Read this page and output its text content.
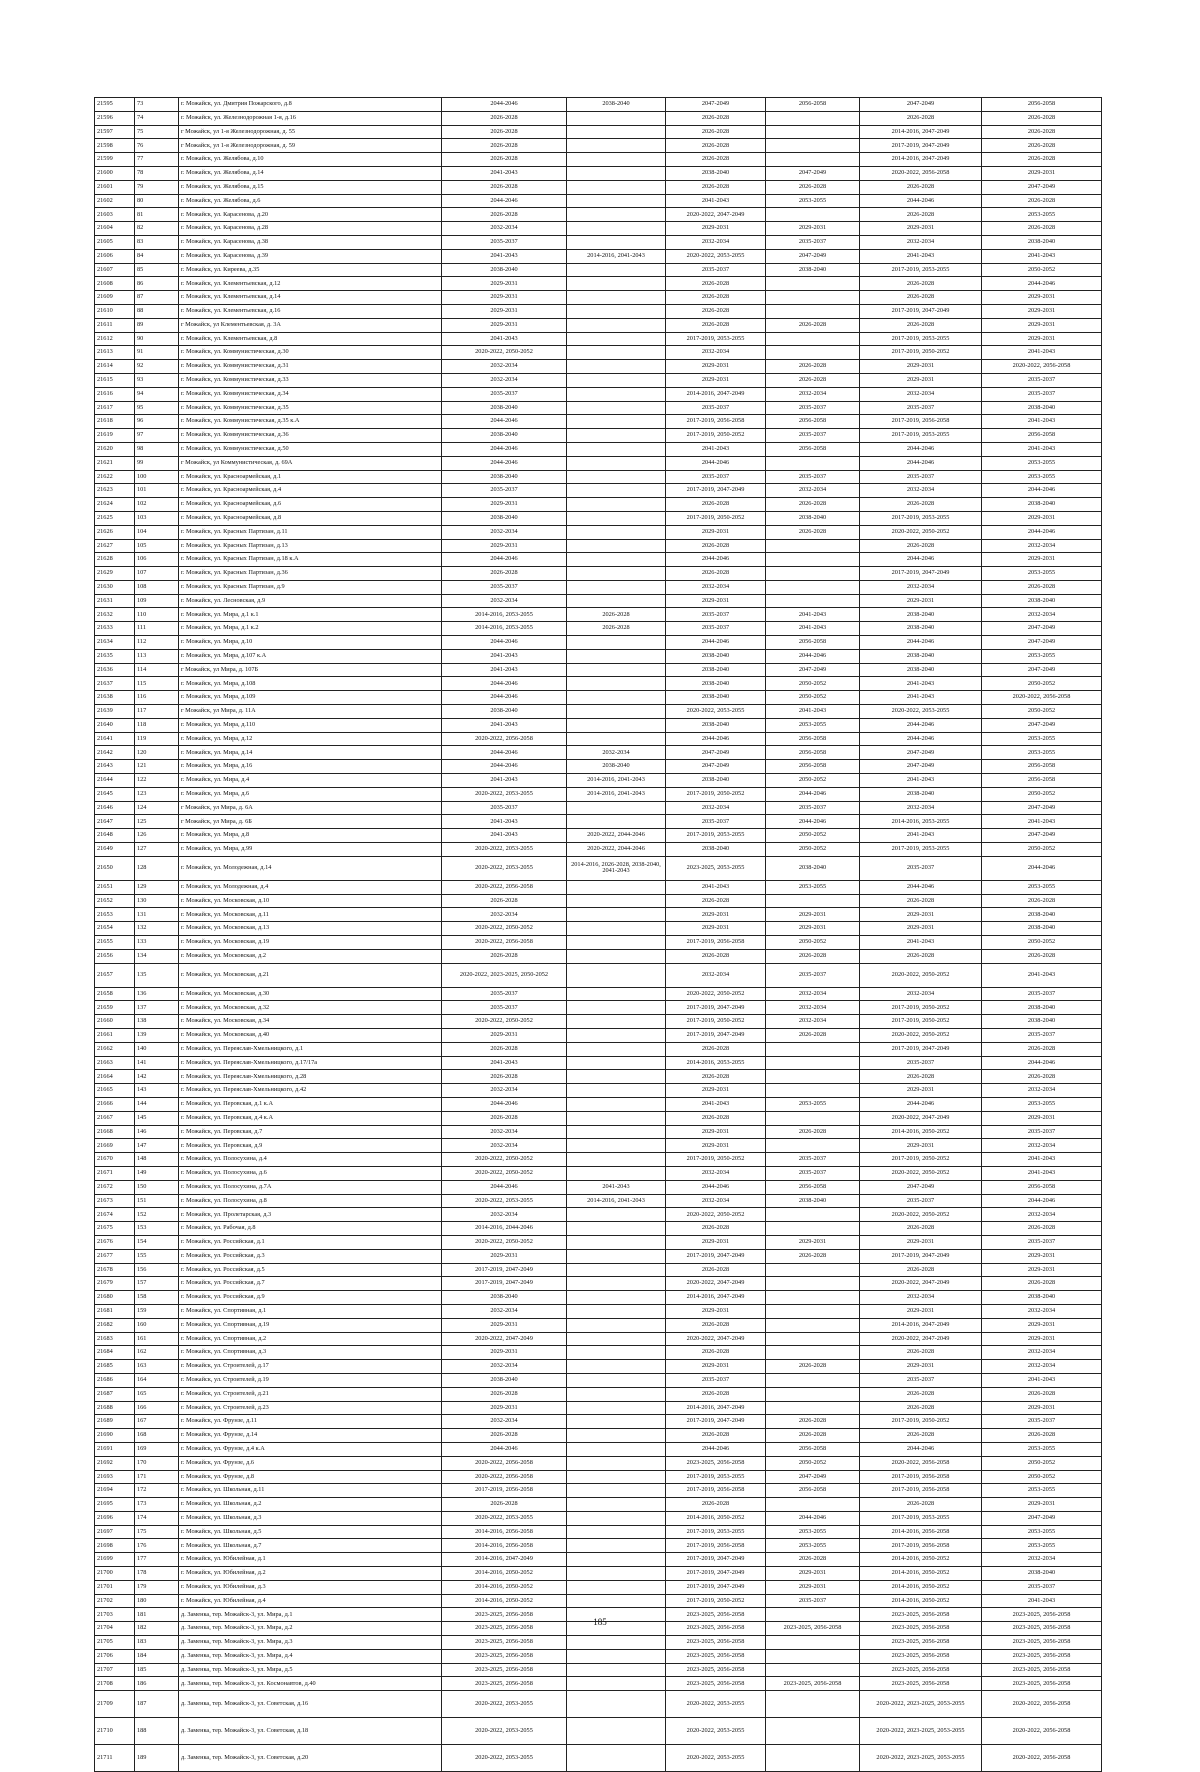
21595	73	г. Можайск, ул. Дмитрия Пожарского, д.8	2044-2046	2038-2040	2047-2049	2056-2058	2047-2049	2056-2058
21596	74	г. Можайск, ул. Железнодорожная 1-я, д.16	2026-2028		2026-2028		2026-2028	2026-2028
21597	75	г Можайск, ул 1-я Железнодорожная, д. 55	2026-2028		2026-2028		2014-2016, 2047-2049	2026-2028
21598	76	г Можайск, ул 1-я Железнодорожная, д. 59	2026-2028		2026-2028		2017-2019, 2047-2049	2026-2028
21599	77	г. Можайск, ул. Желябова, д.10	2026-2028		2026-2028		2014-2016, 2047-2049	2026-2028
21600	78	г. Можайск, ул. Желябова, д.14	2041-2043		2038-2040	2047-2049	2020-2022, 2056-2058	2029-2031
21601	79	г. Можайск, ул. Желябова, д.15	2026-2028		2026-2028	2026-2028	2026-2028	2047-2049
21602	80	г. Можайск, ул. Желябова, д.6	2044-2046		2041-2043	2053-2055	2044-2046	2026-2028
21603	81	г. Можайск, ул. Карасенова, д.20	2026-2028		2020-2022, 2047-2049		2026-2028	2053-2055
21604	82	г. Можайск, ул. Карасенова, д.28	2032-2034		2029-2031	2029-2031	2029-2031	2026-2028
21605	83	г. Можайск, ул. Карасенова, д.38	2035-2037		2032-2034	2035-2037	2032-2034	2038-2040
21606	84	г. Можайск, ул. Карасенова, д.39	2041-2043	2014-2016, 2041-2043	2020-2022, 2053-2055	2047-2049	2041-2043	2041-2043
21607	85	г. Можайск, ул. Киреева, д.35	2038-2040		2035-2037	2038-2040	2017-2019, 2053-2055	2050-2052
21608	86	г. Можайск, ул. Клементьевская, д.12	2029-2031		2026-2028		2026-2028	2044-2046
21609	87	г. Можайск, ул. Клементьевская, д.14	2029-2031		2026-2028		2026-2028	2029-2031
21610	88	г. Можайск, ул. Клементьевская, д.16	2029-2031		2026-2028		2017-2019, 2047-2049	2029-2031
21611	89	г Можайск, ул Клементьевская, д. 3А	2029-2031		2026-2028	2026-2028	2026-2028	2029-2031
21612	90	г. Можайск, ул. Клементьевская, д.8	2041-2043		2017-2019, 2053-2055		2017-2019, 2053-2055	2029-2031
21613	91	г. Можайск, ул. Коммунистическая, д.30	2020-2022, 2050-2052		2032-2034		2017-2019, 2050-2052	2041-2043
21614	92	г. Можайск, ул. Коммунистическая, д.31	2032-2034		2029-2031	2026-2028	2029-2031	2020-2022, 2056-2058
21615	93	г. Можайск, ул. Коммунистическая, д.33	2032-2034		2029-2031	2026-2028	2029-2031	2035-2037
21616	94	г. Можайск, ул. Коммунистическая, д.34	2035-2037		2014-2016, 2047-2049	2032-2034	2032-2034	2035-2037
21617	95	г. Можайск, ул. Коммунистическая, д.35	2038-2040		2035-2037	2035-2037	2035-2037	2038-2040
21618	96	г. Можайск, ул. Коммунистическая, д.35 к.А	2044-2046		2017-2019, 2056-2058	2056-2058	2017-2019, 2056-2058	2041-2043
21619	97	г. Можайск, ул. Коммунистическая, д.36	2038-2040		2017-2019, 2050-2052	2035-2037	2017-2019, 2053-2055	2056-2058
21620	98	г. Можайск, ул. Коммунистическая, д.50	2044-2046		2041-2043	2056-2058	2044-2046	2041-2043
21621	99	г Можайск, ул Коммунистическая, д. 69А	2044-2046		2044-2046		2044-2046	2053-2055
21622	100	г. Можайск, ул. Красноармейская, д.1	2038-2040		2035-2037	2035-2037	2035-2037	2053-2055
21623	101	г. Можайск, ул. Красноармейская, д.4	2035-2037		2017-2019, 2047-2049	2032-2034	2032-2034	2044-2046
21624	102	г. Можайск, ул. Красноармейская, д.6	2029-2031		2026-2028	2026-2028	2026-2028	2038-2040
21625	103	г. Можайск, ул. Красноармейская, д.8	2038-2040		2017-2019, 2050-2052	2038-2040	2017-2019, 2053-2055	2029-2031
21626	104	г. Можайск, ул. Красных Партизан, д.11	2032-2034		2029-2031	2026-2028	2020-2022, 2050-2052	2044-2046
21627	105	г. Можайск, ул. Красных Партизан, д.13	2029-2031		2026-2028		2026-2028	2032-2034
21628	106	г. Можайск, ул. Красных Партизан, д.18 к.А	2044-2046		2044-2046		2044-2046	2029-2031
21629	107	г. Можайск, ул. Красных Партизан, д.36	2026-2028		2026-2028		2017-2019, 2047-2049	2053-2055
21630	108	г. Можайск, ул. Красных Партизан, д.9	2035-2037		2032-2034		2032-2034	2026-2028
21631	109	г. Можайск, ул. Лесновская, д.9	2032-2034		2029-2031		2029-2031	2038-2040
21632	110	г. Можайск, ул. Мира, д.1 к.1	2014-2016, 2053-2055	2026-2028	2035-2037	2041-2043	2038-2040	2032-2034
21633	111	г. Можайск, ул. Мира, д.1 к.2	2014-2016, 2053-2055	2026-2028	2035-2037	2041-2043	2038-2040	2047-2049
21634	112	г. Можайск, ул. Мира, д.10	2044-2046		2044-2046	2056-2058	2044-2046	2047-2049
21635	113	г. Можайск, ул. Мира, д.107 к.А	2041-2043		2038-2040	2044-2046	2038-2040	2053-2055
21636	114	г Можайск, ул Мира, д. 107Б	2041-2043		2038-2040	2047-2049	2038-2040	2047-2049
21637	115	г. Можайск, ул. Мира, д.108	2044-2046		2038-2040	2050-2052	2041-2043	2050-2052
21638	116	г. Можайск, ул. Мира, д.109	2044-2046		2038-2040	2050-2052	2041-2043	2020-2022, 2056-2058
21639	117	г Можайск, ул Мира, д. 11А	2038-2040		2020-2022, 2053-2055	2041-2043	2020-2022, 2053-2055	2050-2052
21640	118	г. Можайск, ул. Мира, д.110	2041-2043		2038-2040	2053-2055	2044-2046	2047-2049
21641	119	г. Можайск, ул. Мира, д.12	2020-2022, 2056-2058		2044-2046	2056-2058	2044-2046	2053-2055
21642	120	г. Можайск, ул. Мира, д.14	2044-2046	2032-2034	2047-2049	2056-2058	2047-2049	2053-2055
21643	121	г. Можайск, ул. Мира, д.16	2044-2046	2038-2040	2047-2049	2056-2058	2047-2049	2056-2058
21644	122	г. Можайск, ул. Мира, д.4	2041-2043	2014-2016, 2041-2043	2038-2040	2050-2052	2041-2043	2056-2058
21645	123	г. Можайск, ул. Мира, д.6	2020-2022, 2053-2055	2014-2016, 2041-2043	2017-2019, 2050-2052	2044-2046	2038-2040	2050-2052
21646	124	г Можайск, ул Мира, д. 6А	2035-2037		2032-2034	2035-2037	2032-2034	2047-2049
21647	125	г Можайск, ул Мира, д. 6Б	2041-2043		2035-2037	2044-2046	2014-2016, 2053-2055	2041-2043
21648	126	г. Можайск, ул. Мира, д.8	2041-2043	2020-2022, 2044-2046	2017-2019, 2053-2055	2050-2052	2041-2043	2047-2049
21649	127	г. Можайск, ул. Мира, д.99	2020-2022, 2053-2055	2020-2022, 2044-2046	2038-2040	2050-2052	2017-2019, 2053-2055	2050-2052
21650	128	г. Можайск, ул. Молодежная, д.14	2020-2022, 2053-2055	2014-2016, 2026-2028, 2038-2040, 2041-2043	2023-2025, 2053-2055	2038-2040	2035-2037	2044-2046
21651	129	г. Можайск, ул. Молодежная, д.4	2020-2022, 2056-2058		2041-2043	2053-2055	2044-2046	2053-2055
21652	130	г. Можайск, ул. Московская, д.10	2026-2028		2026-2028		2026-2028	2026-2028
21653	131	г. Можайск, ул. Московская, д.11	2032-2034		2029-2031	2029-2031	2029-2031	2038-2040
21654	132	г. Можайск, ул. Московская, д.13	2020-2022, 2050-2052		2029-2031	2029-2031	2029-2031	2038-2040
21655	133	г. Можайск, ул. Московская, д.19	2020-2022, 2056-2058		2017-2019, 2056-2058	2050-2052	2041-2043	2050-2052
21656	134	г. Можайск, ул. Московская, д.2	2026-2028		2026-2028	2026-2028	2026-2028	2026-2028
21657	135	г. Можайск, ул. Московская, д.21	2020-2022, 2023-2025, 2050-2052		2032-2034	2035-2037	2020-2022, 2050-2052	2041-2043
21658	136	г. Можайск, ул. Московская, д.30	2035-2037		2020-2022, 2050-2052	2032-2034	2032-2034	2035-2037
21659	137	г. Можайск, ул. Московская, д.32	2035-2037		2017-2019, 2047-2049	2032-2034	2017-2019, 2050-2052	2038-2040
21660	138	г. Можайск, ул. Московская, д.34	2020-2022, 2050-2052		2017-2019, 2050-2052	2032-2034	2017-2019, 2050-2052	2038-2040
21661	139	г. Можайск, ул. Московская, д.40	2029-2031		2017-2019, 2047-2049	2026-2028	2020-2022, 2050-2052	2035-2037
21662	140	г. Можайск, ул. Переяслав-Хмельницкого, д.1	2026-2028		2026-2028		2017-2019, 2047-2049	2026-2028
21663	141	г. Можайск, ул. Переяслав-Хмельницкого, д.17/17а	2041-2043		2014-2016, 2053-2055		2035-2037	2044-2046
21664	142	г. Можайск, ул. Переяслав-Хмельницкого, д.28	2026-2028		2026-2028		2026-2028	2026-2028
21665	143	г. Можайск, ул. Переяслав-Хмельницкого, д.42	2032-2034		2029-2031		2029-2031	2032-2034
21666	144	г. Можайск, ул. Перовская, д.1 к.А	2044-2046		2041-2043	2053-2055	2044-2046	2053-2055
21667	145	г. Можайск, ул. Перовская, д.4 к.А	2026-2028		2026-2028		2020-2022, 2047-2049	2029-2031
21668	146	г. Можайск, ул. Перовская, д.7	2032-2034		2029-2031	2026-2028	2014-2016, 2050-2052	2035-2037
21669	147	г. Можайск, ул. Перовская, д.9	2032-2034		2029-2031		2029-2031	2032-2034
21670	148	г. Можайск, ул. Полосухина, д.4	2020-2022, 2050-2052		2017-2019, 2050-2052	2035-2037	2017-2019, 2050-2052	2041-2043
21671	149	г. Можайск, ул. Полосухина, д.6	2020-2022, 2050-2052		2032-2034	2035-2037	2020-2022, 2050-2052	2041-2043
21672	150	г. Можайск, ул. Полосухина, д.7А	2044-2046	2041-2043	2044-2046	2056-2058	2047-2049	2056-2058
21673	151	г. Можайск, ул. Полосухина, д.8	2020-2022, 2053-2055	2014-2016, 2041-2043	2032-2034	2038-2040	2035-2037	2044-2046
21674	152	г. Можайск, ул. Пролетарская, д.3	2032-2034		2020-2022, 2050-2052		2020-2022, 2050-2052	2032-2034
21675	153	г. Можайск, ул. Рабочая, д.8	2014-2016, 2044-2046		2026-2028		2026-2028	2026-2028
21676	154	г. Можайск, ул. Российская, д.1	2020-2022, 2050-2052		2029-2031	2029-2031	2029-2031	2035-2037
21677	155	г. Можайск, ул. Российская, д.3	2029-2031		2017-2019, 2047-2049	2026-2028	2017-2019, 2047-2049	2029-2031
21678	156	г. Можайск, ул. Российская, д.5	2017-2019, 2047-2049		2026-2028		2026-2028	2029-2031
21679	157	г. Можайск, ул. Российская, д.7	2017-2019, 2047-2049		2020-2022, 2047-2049		2020-2022, 2047-2049	2026-2028
21680	158	г. Можайск, ул. Российская, д.9	2038-2040		2014-2016, 2047-2049		2032-2034	2038-2040
21681	159	г. Можайск, ул. Спортивная, д.1	2032-2034		2029-2031		2029-2031	2032-2034
21682	160	г. Можайск, ул. Спортивная, д.19	2029-2031		2026-2028		2014-2016, 2047-2049	2029-2031
21683	161	г. Можайск, ул. Спортивная, д.2	2020-2022, 2047-2049		2020-2022, 2047-2049		2020-2022, 2047-2049	2029-2031
21684	162	г. Можайск, ул. Спортивная, д.3	2029-2031		2026-2028		2026-2028	2032-2034
21685	163	г. Можайск, ул. Строителей, д.17	2032-2034		2029-2031	2026-2028	2029-2031	2032-2034
21686	164	г. Можайск, ул. Строителей, д.19	2038-2040		2035-2037		2035-2037	2041-2043
21687	165	г. Можайск, ул. Строителей, д.21	2026-2028		2026-2028		2026-2028	2026-2028
21688	166	г. Можайск, ул. Строителей, д.23	2029-2031		2014-2016, 2047-2049		2026-2028	2029-2031
21689	167	г. Можайск, ул. Фрунзе, д.11	2032-2034		2017-2019, 2047-2049	2026-2028	2017-2019, 2050-2052	2035-2037
21690	168	г. Можайск, ул. Фрунзе, д.14	2026-2028		2026-2028	2026-2028	2026-2028	2026-2028
21691	169	г. Можайск, ул. Фрунзе, д.4 к.А	2044-2046		2044-2046	2056-2058	2044-2046	2053-2055
21692	170	г. Можайск, ул. Фрунзе, д.6	2020-2022, 2056-2058		2023-2025, 2056-2058	2050-2052	2020-2022, 2056-2058	2050-2052
21693	171	г. Можайск, ул. Фрунзе, д.8	2020-2022, 2056-2058		2017-2019, 2053-2055	2047-2049	2017-2019, 2056-2058	2050-2052
21694	172	г. Можайск, ул. Школьная, д.11	2017-2019, 2056-2058		2017-2019, 2056-2058	2056-2058	2017-2019, 2056-2058	2053-2055
21695	173	г. Можайск, ул. Школьная, д.2	2026-2028		2026-2028		2026-2028	2029-2031
21696	174	г. Можайск, ул. Школьная, д.3	2020-2022, 2053-2055		2014-2016, 2050-2052	2044-2046	2017-2019, 2053-2055	2047-2049
21697	175	г. Можайск, ул. Школьная, д.5	2014-2016, 2056-2058		2017-2019, 2053-2055	2053-2055	2014-2016, 2056-2058	2053-2055
21698	176	г. Можайск, ул. Школьная, д.7	2014-2016, 2056-2058		2017-2019, 2056-2058	2053-2055	2017-2019, 2056-2058	2053-2055
21699	177	г. Можайск, ул. Юбилейная, д.1	2014-2016, 2047-2049		2017-2019, 2047-2049	2026-2028	2014-2016, 2050-2052	2032-2034
21700	178	г. Можайск, ул. Юбилейная, д.2	2014-2016, 2050-2052		2017-2019, 2047-2049	2029-2031	2014-2016, 2050-2052	2038-2040
21701	179	г. Можайск, ул. Юбилейная, д.3	2014-2016, 2050-2052		2017-2019, 2047-2049	2029-2031	2014-2016, 2050-2052	2035-2037
21702	180	г. Можайск, ул. Юбилейная, д.4	2014-2016, 2050-2052		2017-2019, 2050-2052	2035-2037	2014-2016, 2050-2052	2041-2043
21703	181	д. Заменка, тер. Можайск-3, ул. Мира, д.1	2023-2025, 2056-2058		2023-2025, 2056-2058		2023-2025, 2056-2058	2023-2025, 2056-2058
21704	182	д. Заменка, тер. Можайск-3, ул. Мира, д.2	2023-2025, 2056-2058		2023-2025, 2056-2058	2023-2025, 2056-2058	2023-2025, 2056-2058	2023-2025, 2056-2058
21705	183	д. Заменка, тер. Можайск-3, ул. Мира, д.3	2023-2025, 2056-2058		2023-2025, 2056-2058		2023-2025, 2056-2058	2023-2025, 2056-2058
21706	184	д. Заменка, тер. Можайск-3, ул. Мира, д.4	2023-2025, 2056-2058		2023-2025, 2056-2058		2023-2025, 2056-2058	2023-2025, 2056-2058
21707	185	д. Заменка, тер. Можайск-3, ул. Мира, д.5	2023-2025, 2056-2058		2023-2025, 2056-2058		2023-2025, 2056-2058	2023-2025, 2056-2058
21708	186	д. Заменка, тер. Можайск-3, ул. Космонавтов, д.40	2023-2025, 2056-2058		2023-2025, 2056-2058	2023-2025, 2056-2058	2023-2025, 2056-2058	2023-2025, 2056-2058
21709	187	д. Заменка, тер. Можайск-3, ул. Советская, д.16	2020-2022, 2053-2055		2020-2022, 2053-2055		2020-2022, 2023-2025, 2053-2055	2020-2022, 2056-2058
21710	188	д. Заменка, тер. Можайск-3, ул. Советская, д.18	2020-2022, 2053-2055		2020-2022, 2053-2055		2020-2022, 2023-2025, 2053-2055	2020-2022, 2056-2058
21711	189	д. Заменка, тер. Можайск-3, ул. Советская, д.20	2020-2022, 2053-2055		2020-2022, 2053-2055		2020-2022, 2023-2025, 2053-2055	2020-2022, 2056-2058
185
